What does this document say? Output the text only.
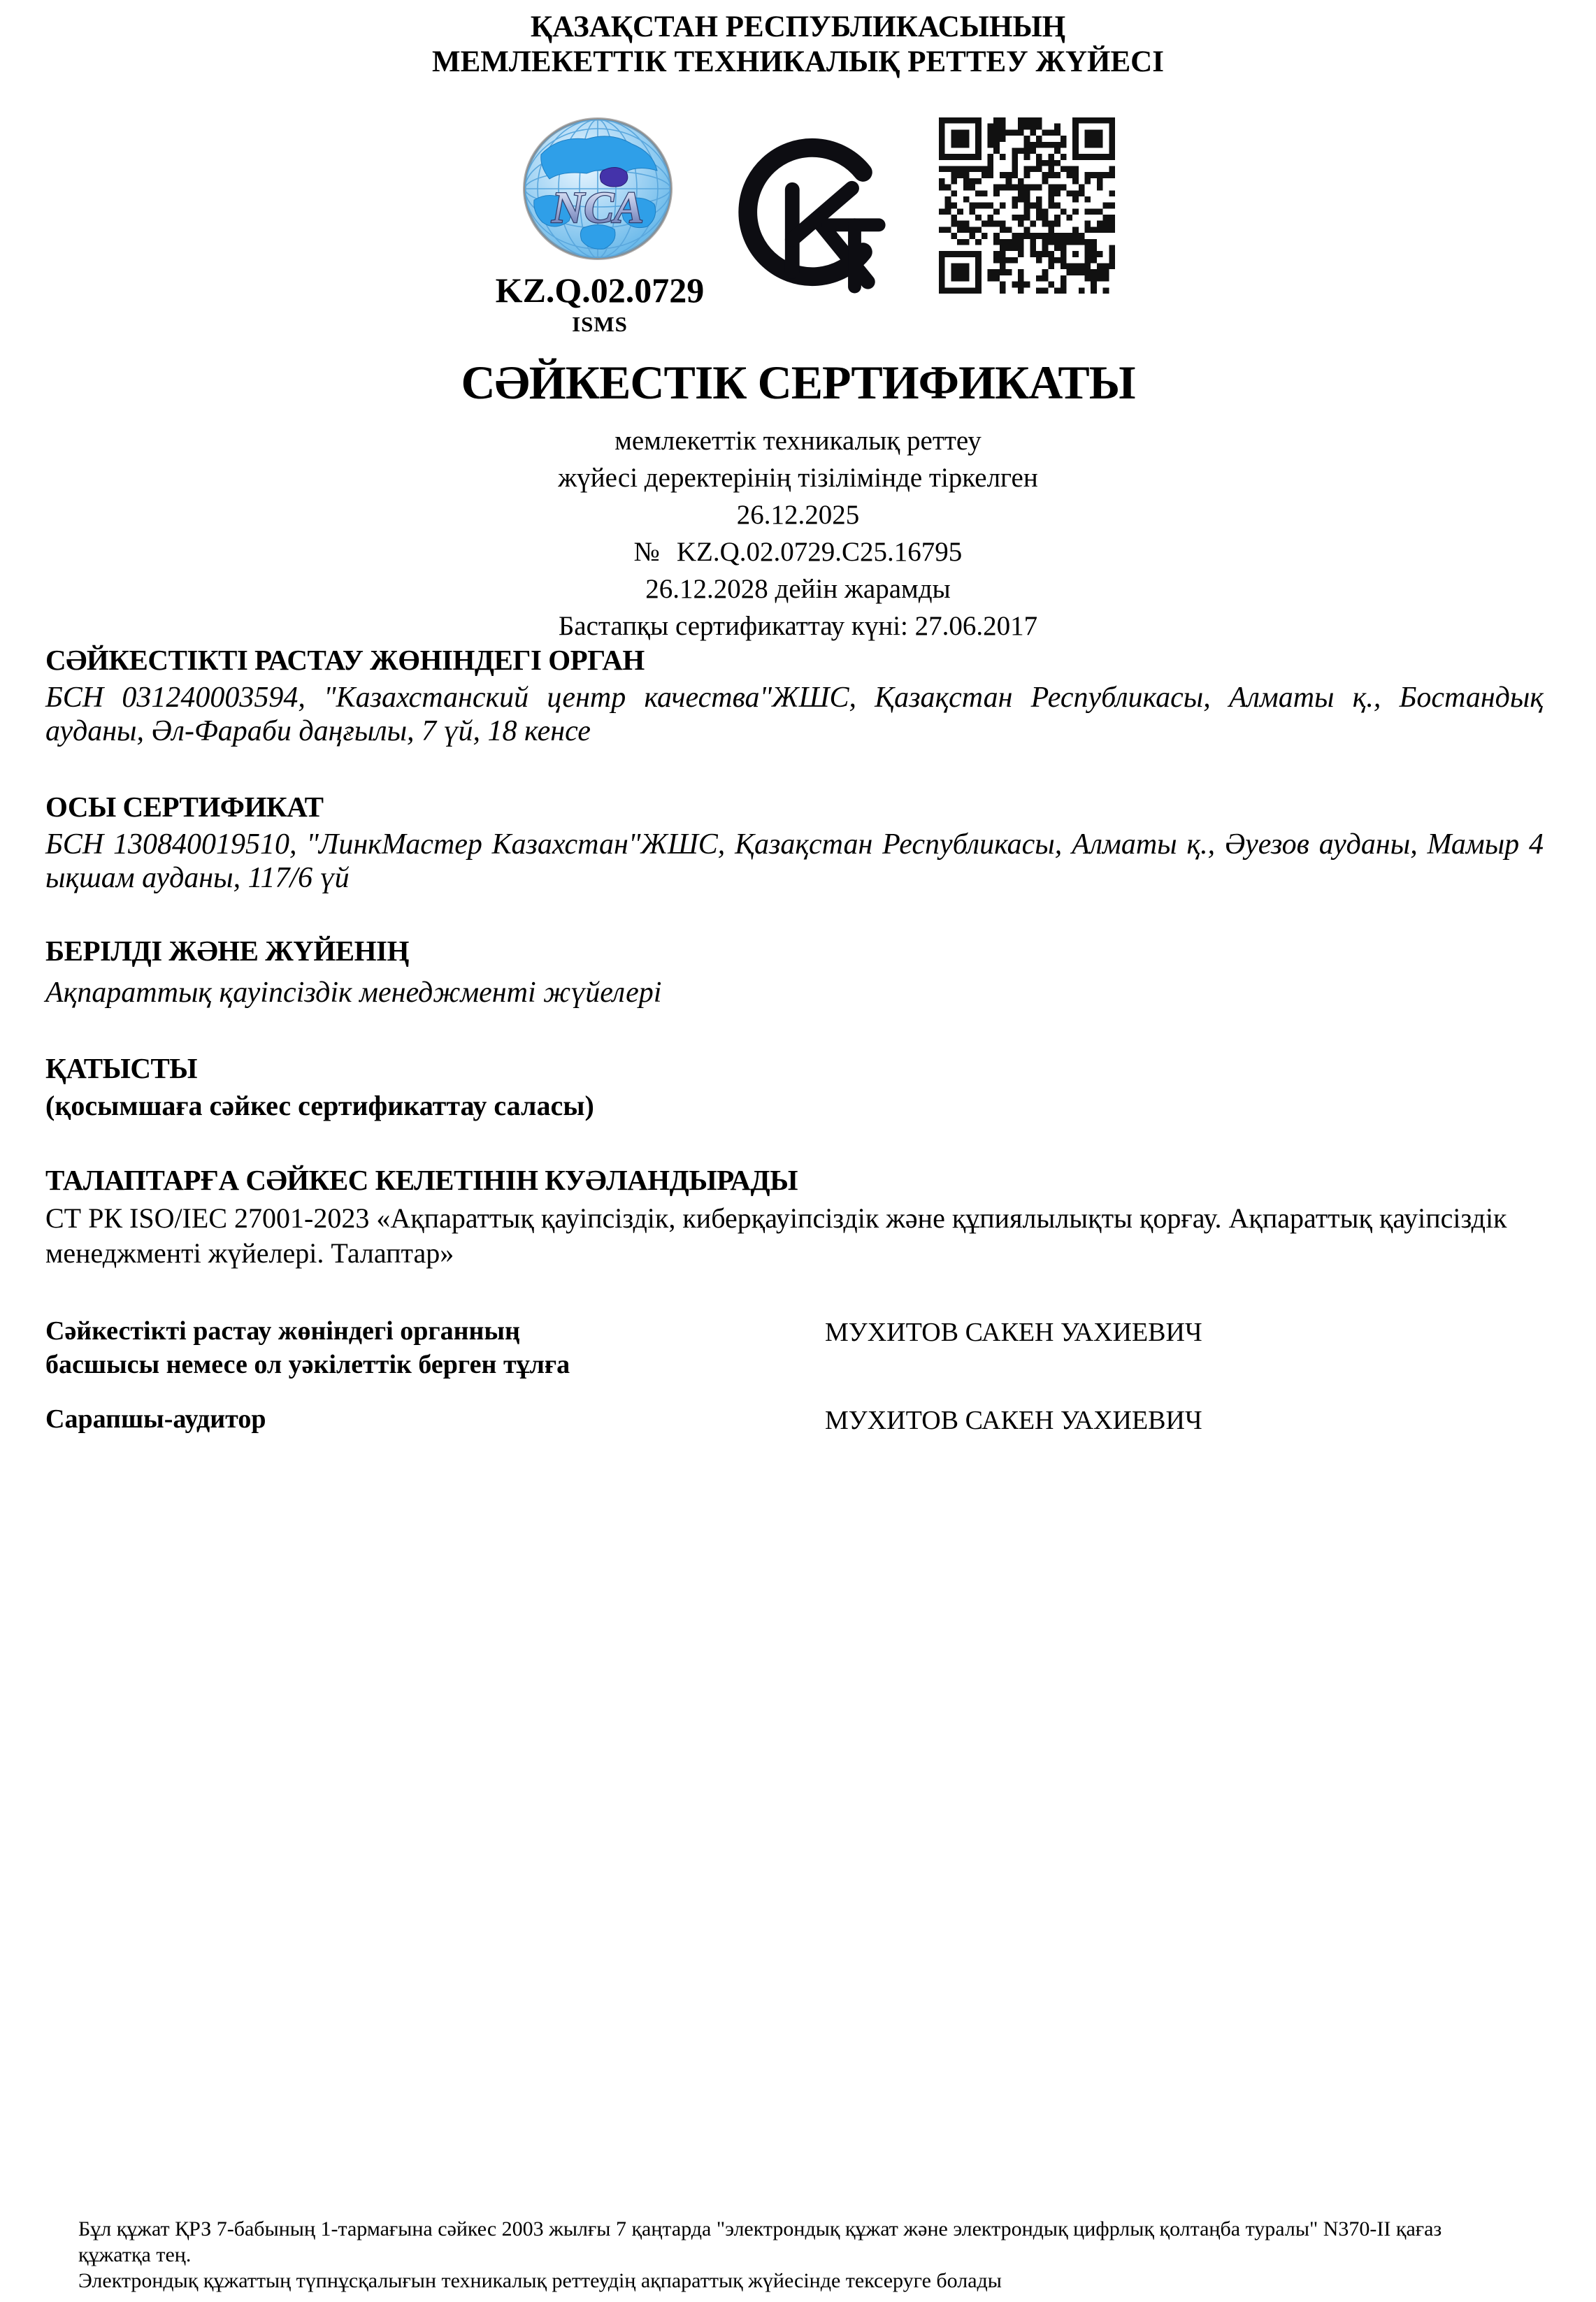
ҚАЗАҚСТАН РЕСПУБЛИКАСЫНЫҢ
МЕМЛЕКЕТТІК ТЕХНИКАЛЫҚ РЕТТЕУ ЖҮЙЕСІ
NCA
KZ.Q.02.0729
ISMS
СӘЙКЕСТІК СЕРТИФИКАТЫ
мемлекеттік техникалық реттеу
жүйесі деректерінің тізілімінде тіркелген
26.12.2025
№ KZ.Q.02.0729.C25.16795
26.12.2028 дейін жарамды
Бастапқы сертификаттау күні: 27.06.2017
СӘЙКЕСТІКТІ РАСТАУ ЖӨНІНДЕГІ ОРГАН
БСН 031240003594, "Казахстанский центр качества"ЖШС, Қазақстан Республикасы, Алматы қ., Бостандық ауданы, Әл-Фараби даңғылы, 7 үй, 18 кенсе
ОСЫ СЕРТИФИКАТ
БСН 130840019510, "ЛинкМастер Казахстан"ЖШС, Қазақстан Республикасы, Алматы қ., Әуезов ауданы, Мамыр 4 ықшам ауданы, 117/6 үй
БЕРІЛДІ ЖӘНЕ ЖҮЙЕНІҢ
Ақпараттық қауіпсіздік менеджменті жүйелері
ҚАТЫСТЫ
(қосымшаға сәйкес сертификаттау саласы)
ТАЛАПТАРҒА СӘЙКЕС КЕЛЕТІНІН КУӘЛАНДЫРАДЫ
СТ РК ISO/ІЕС 27001-2023 «Ақпараттық қауіпсіздік, киберқауіпсіздік және құпиялылықты қорғау. Ақпараттық қауіпсіздік менеджменті жүйелері. Талаптар»
Сәйкестікті растау жөніндегі органның басшысы немесе ол уәкілеттік берген тұлға
МУХИТОВ САКЕН УАХИЕВИЧ
Сарапшы-аудитор	МУХИТОВ САКЕН УАХИЕВИЧ

Бұл құжат ҚРЗ 7-бабының 1-тармағына сәйкес 2003 жылғы 7 қаңтарда "электрондық құжат және электрондық цифрлық қолтаңба туралы" N370-II қағаз құжатқа тең.

Электрондық құжаттың түпнұсқалығын техникалық реттеудің ақпараттық жүйесінде тексеруге болады
